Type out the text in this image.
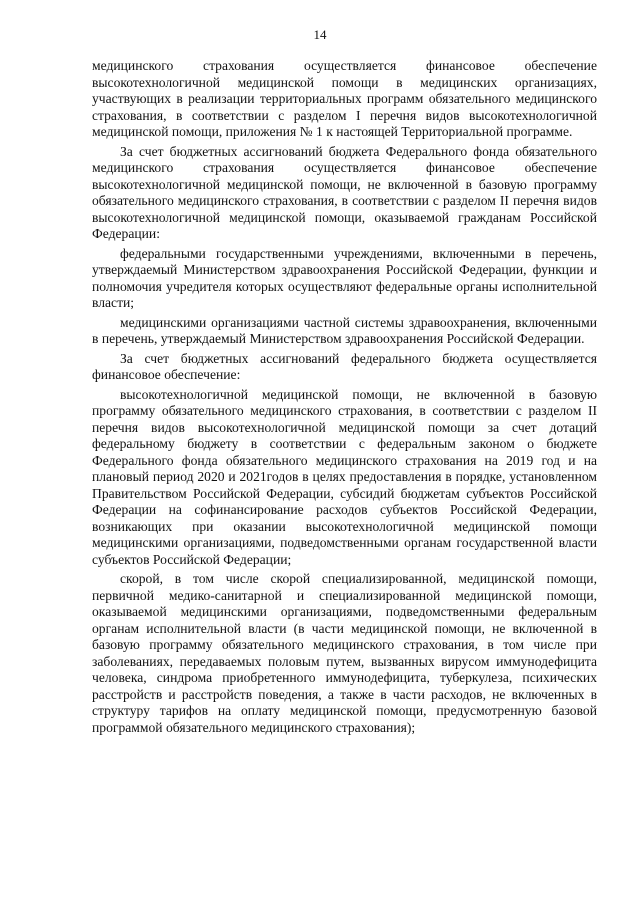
14

медицинского страхования осуществляется финансовое обеспечение высокотехнологичной медицинской помощи в медицинских организациях, участвующих в реализации территориальных программ обязательного медицинского страхования, в соответствии с разделом I перечня видов высокотехнологичной медицинской помощи, приложения № 1 к настоящей Территориальной программе.

За счет бюджетных ассигнований бюджета Федерального фонда обязательного медицинского страхования осуществляется финансовое обеспечение высокотехнологичной медицинской помощи, не включенной в базовую программу обязательного медицинского страхования, в соответствии с разделом II перечня видов высокотехнологичной медицинской помощи, оказываемой гражданам Российской Федерации:

федеральными государственными учреждениями, включенными в перечень, утверждаемый Министерством здравоохранения Российской Федерации, функции и полномочия учредителя которых осуществляют федеральные органы исполнительной власти;

медицинскими организациями частной системы здравоохранения, включенными в перечень, утверждаемый Министерством здравоохранения Российской Федерации.

За счет бюджетных ассигнований федерального бюджета осуществляется финансовое обеспечение:

высокотехнологичной медицинской помощи, не включенной в базовую программу обязательного медицинского страхования, в соответствии с разделом II перечня видов высокотехнологичной медицинской помощи за счет дотаций федеральному бюджету в соответствии с федеральным законом о бюджете Федерального фонда обязательного медицинского страхования на 2019 год и на плановый период 2020 и 2021годов в целях предоставления в порядке, установленном Правительством Российской Федерации, субсидий бюджетам субъектов Российской Федерации на софинансирование расходов субъектов Российской Федерации, возникающих при оказании высокотехнологичной медицинской помощи медицинскими организациями, подведомственными органам государственной власти субъектов Российской Федерации;

скорой, в том числе скорой специализированной, медицинской помощи, первичной медико-санитарной и специализированной медицинской помощи, оказываемой медицинскими организациями, подведомственными федеральным органам исполнительной власти (в части медицинской помощи, не включенной в базовую программу обязательного медицинского страхования, в том числе при заболеваниях, передаваемых половым путем, вызванных вирусом иммунодефицита человека, синдрома приобретенного иммунодефицита, туберкулеза, психических расстройств и расстройств поведения, а также в части расходов, не включенных в структуру тарифов на оплату медицинской помощи, предусмотренную базовой программой обязательного медицинского страхования);
